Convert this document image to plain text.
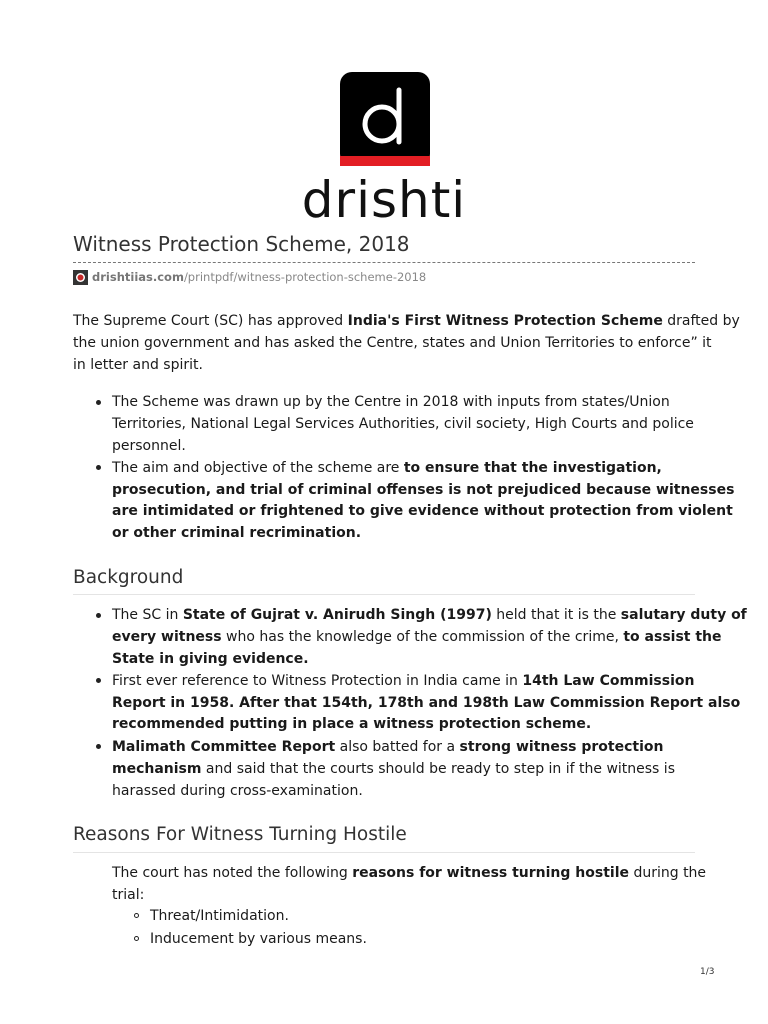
drishti
Witness Protection Scheme, 2018
drishtiias.com /printpdf/witness-protection-scheme-2018
The Supreme Court (SC) has approved India's First Witness Protection Scheme drafted by
the union government and has asked the Centre, states and Union Territories to enforce” it
in letter and spirit.
The Scheme was drawn up by the Centre in 2018 with inputs from states/Union
Territories, National Legal Services Authorities, civil society, High Courts and police
personnel.
The aim and objective of the scheme are to ensure that the investigation,
prosecution, and trial of criminal offenses is not prejudiced because witnesses
are intimidated or frightened to give evidence without protection from violent
or other criminal recrimination.
Background
The SC in State of Gujrat v. Anirudh Singh (1997) held that it is the salutary duty of
every witness who has the knowledge of the commission of the crime, to assist the
State in giving evidence.
First ever reference to Witness Protection in India came in 14th Law Commission
Report in 1958. After that 154th, 178th and 198th Law Commission Report also
recommended putting in place a witness protection scheme.
Malimath Committee Report also batted for a strong witness protection
mechanism and said that the courts should be ready to step in if the witness is
harassed during cross-examination.
Reasons For Witness Turning Hostile
The court has noted the following reasons for witness turning hostile during the
trial:
Threat/Intimidation.
Inducement by various means.
1/3
